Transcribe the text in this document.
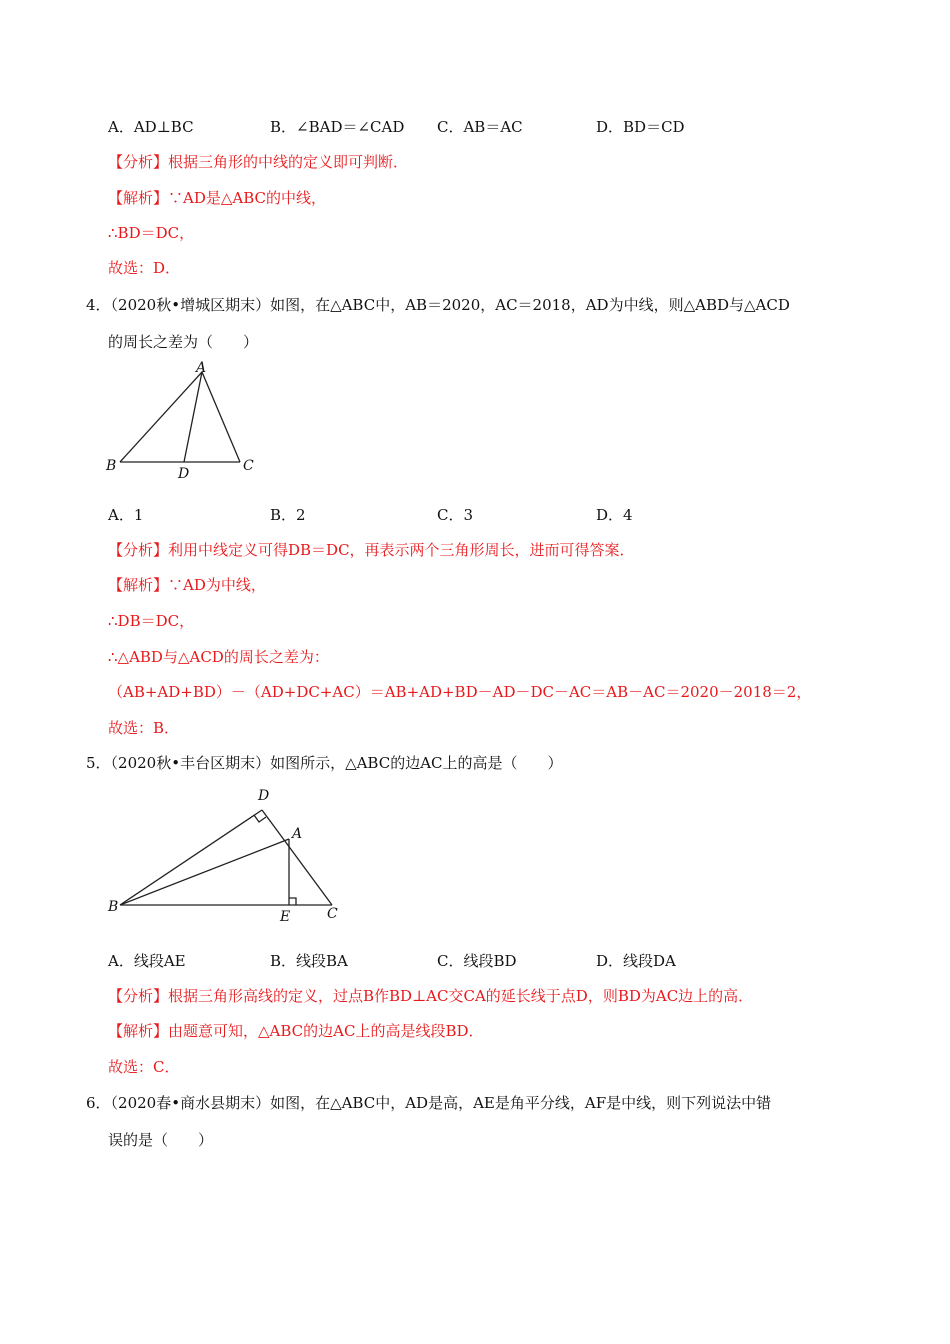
A．AD⊥BC	B．∠BAD＝∠CAD C．AB＝AC	D．BD＝CD
【分析】根据三角形的中线的定义即可判断．
【解析】∵AD是△ABC的中线，
∴BD＝DC，
故选：D．
4．（2020秋•增城区期末）如图，在△ABC中，AB＝2020，AC＝2018，AD为中线，则△ABD与△ACD
的周长之差为（　　）
A
B	C
D
A．1	B．2	C．3	D．4
【分析】利用中线定义可得DB＝DC，再表示两个三角形周长，进而可得答案．
【解析】∵AD为中线，
∴DB＝DC，
∴△ABD与△ACD的周长之差为：
（AB+AD+BD）－（AD+DC+AC）＝AB+AD+BD－AD－DC－AC＝AB－AC＝2020－2018＝2，
故选：B．
5．（2020秋•丰台区期末）如图所示，△ABC的边AC上的高是（　　）
D
A
B
E	C
A．线段AE	B．线段BA	C．线段BD	D．线段DA
【分析】根据三角形高线的定义，过点B作BD⊥AC交CA的延长线于点D，则BD为AC边上的高．
【解析】由题意可知，△ABC的边AC上的高是线段BD．
故选：C．
6．（2020春•商水县期末）如图，在△ABC中，AD是高，AE是角平分线，AF是中线，则下列说法中错
误的是（　　）
